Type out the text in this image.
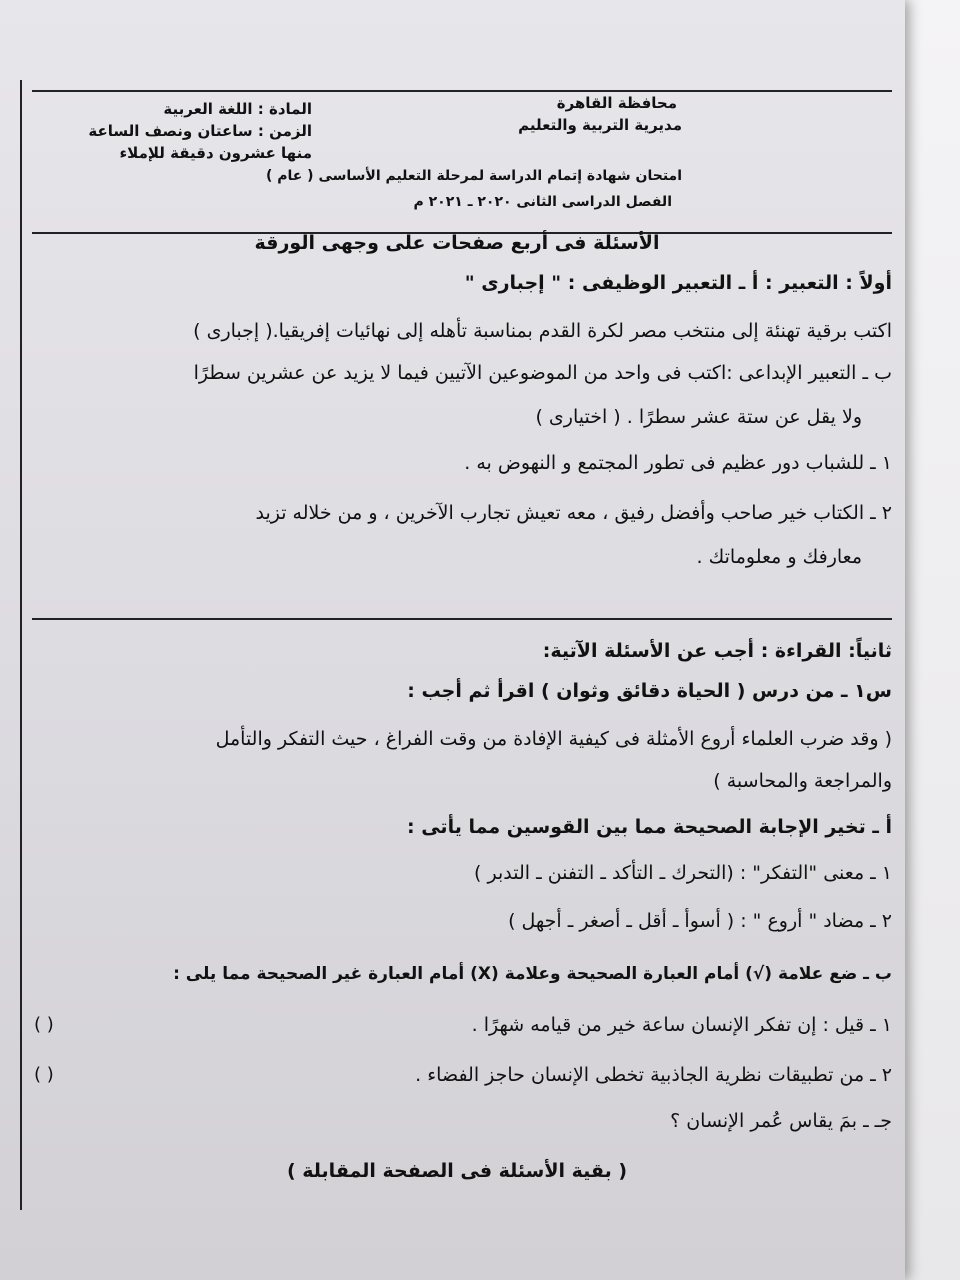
محافظة القاهرة
مديرية التربية والتعليم
المادة : اللغة العربية
الزمن : ساعتان ونصف الساعة
منها عشرون دقيقة للإملاء
امتحان شهادة إتمام الدراسة لمرحلة التعليم الأساسى ( عام )
الفصل الدراسى الثانى ٢٠٢٠ ـ ٢٠٢١ م
الأسئلة فى أربع صفحات على وجهى الورقة
أولاً : التعبير : أ ـ التعبير الوظيفى : " إجبارى "
اكتب برقية تهنئة إلى منتخب مصر لكرة القدم بمناسبة تأهله إلى نهائيات إفريقيا.( إجبارى )
ب ـ التعبير الإبداعى :اكتب فى واحد من الموضوعين الآتيين فيما لا يزيد عن عشرين سطرًا
ولا يقل عن ستة عشر سطرًا . ( اختيارى )
١ ـ للشباب دور عظيم فى تطور المجتمع و النهوض به .
٢ ـ الكتاب خير صاحب وأفضل رفيق ، معه تعيش تجارب الآخرين ، و من خلاله تزيد
معارفك و معلوماتك .
ثانياً: القراءة : أجب عن الأسئلة الآتية:
س١ ـ من درس ( الحياة دقائق وثوان ) اقرأ ثم أجب :
( وقد ضرب العلماء أروع الأمثلة فى كيفية الإفادة من وقت الفراغ ، حيث التفكر والتأمل
والمراجعة والمحاسبة )
أ ـ تخير الإجابة الصحيحة مما بين القوسين مما يأتى :
١ ـ معنى "التفكر" : (التحرك ـ التأكد ـ التفنن ـ التدبر )
٢ ـ مضاد " أروع " : ( أسوأ ـ أقل ـ أصغر ـ أجهل )
ب ـ ضع علامة (√) أمام العبارة الصحيحة وعلامة (X) أمام العبارة غير الصحيحة مما يلى :
١ ـ قيل : إن تفكر الإنسان ساعة خير من قيامه شهرًا .
( )
٢ ـ من تطبيقات نظرية الجاذبية تخطى الإنسان حاجز الفضاء .
( )
جـ ـ بمَ يقاس عُمر الإنسان ؟
( بقية الأسئلة فى الصفحة المقابلة )
